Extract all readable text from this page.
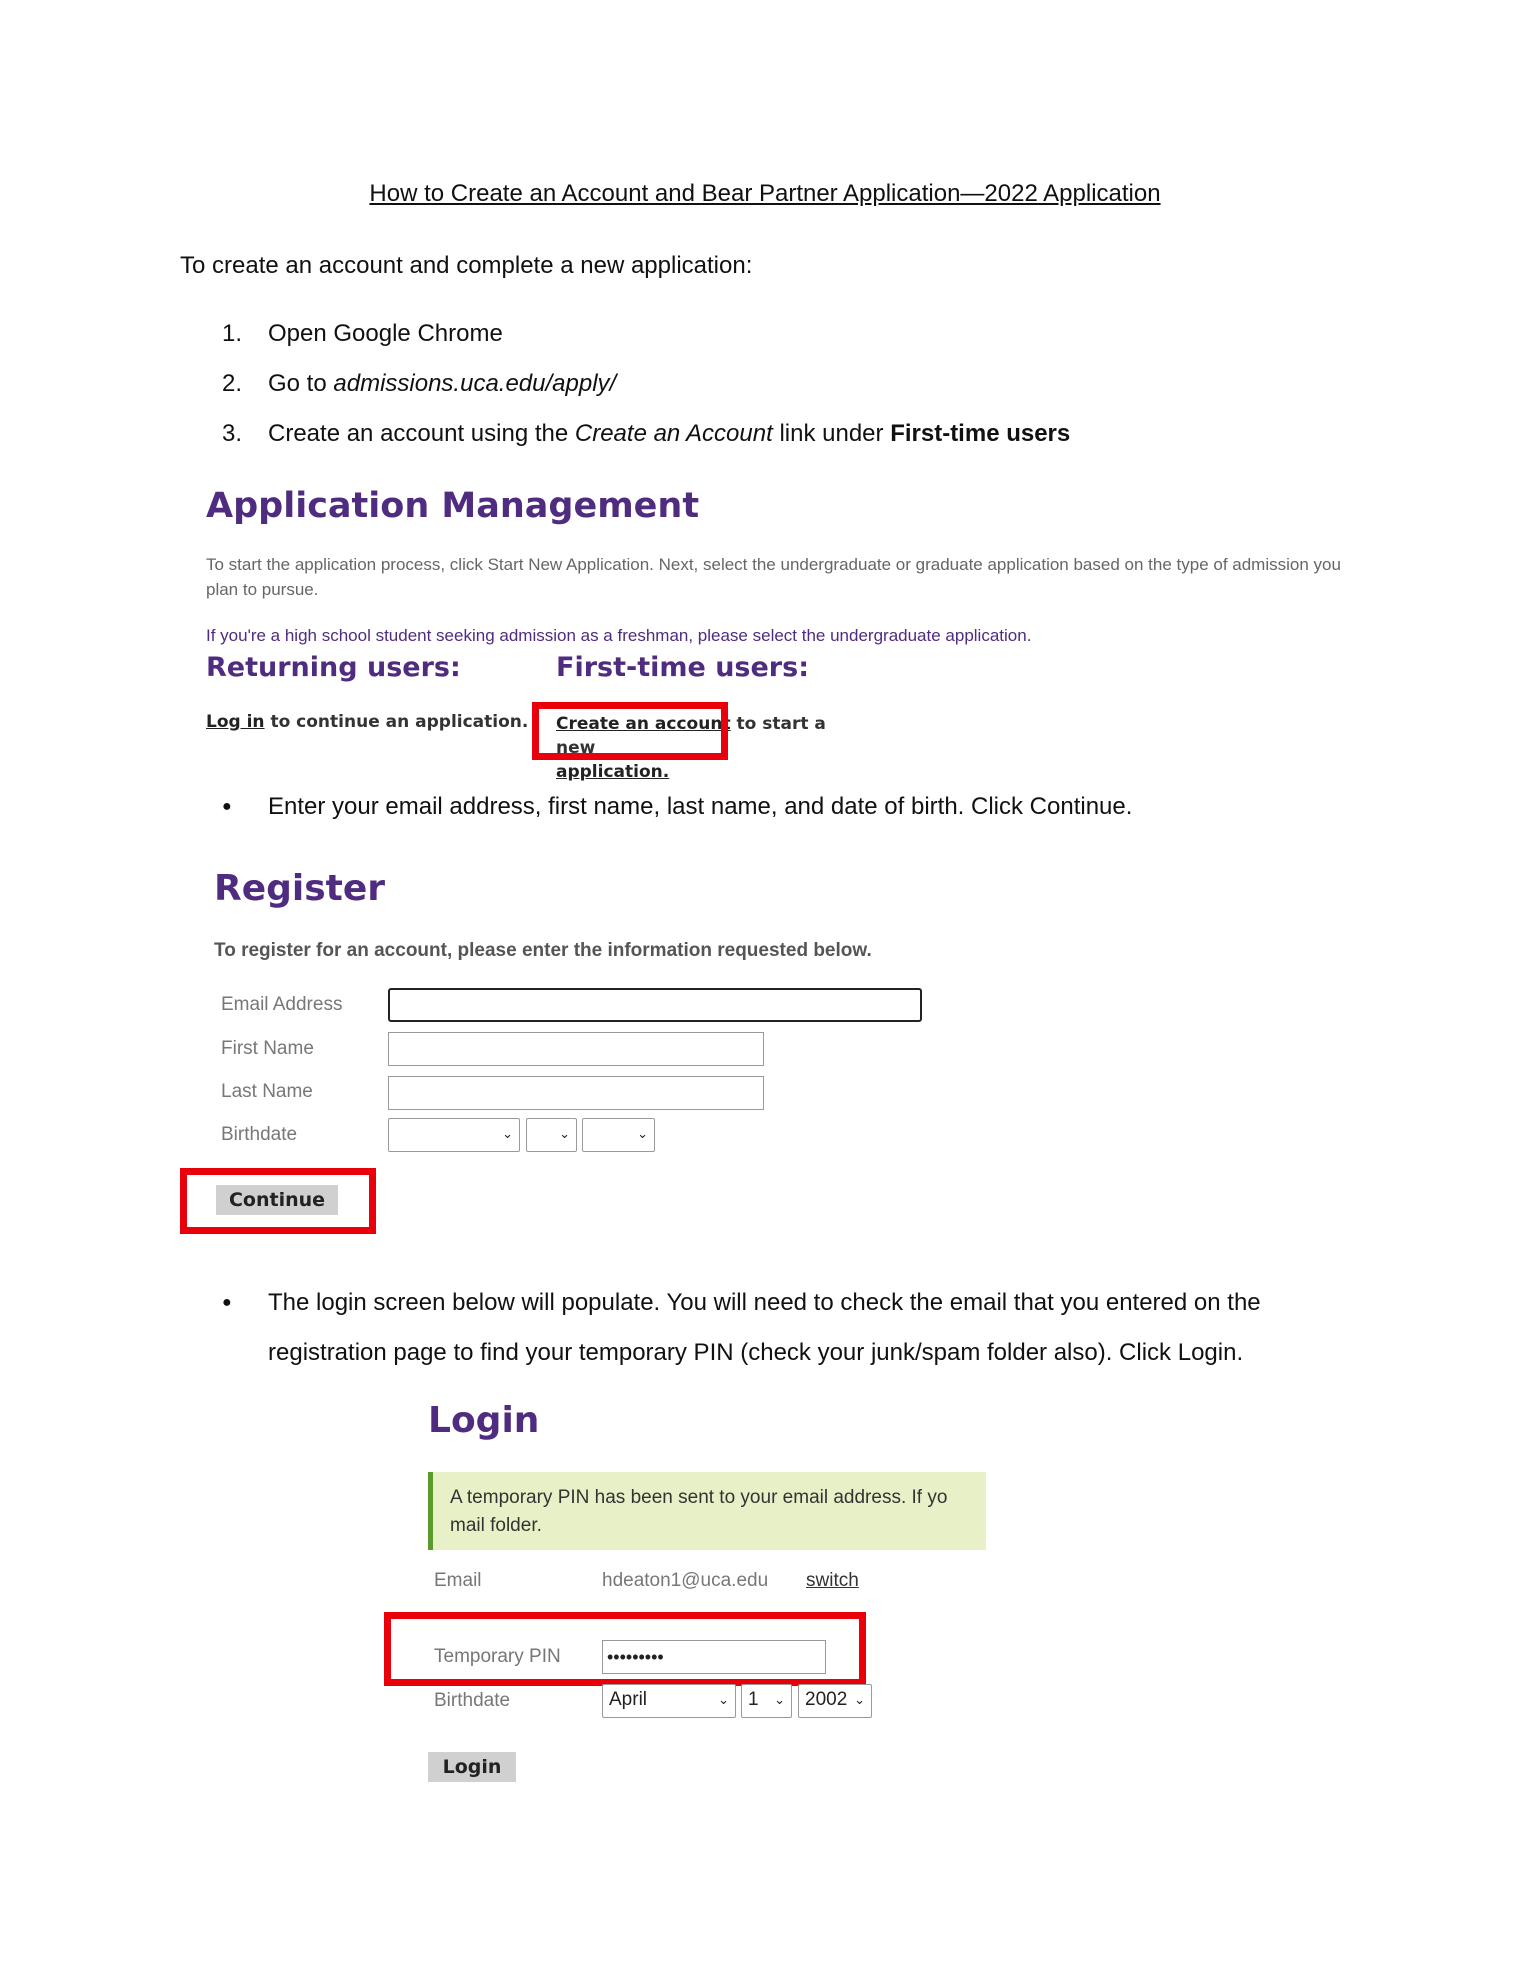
How to Create an Account and Bear Partner Application—2022 Application
To create an account and complete a new application:
1. Open Google Chrome
2. Go to admissions.uca.edu/apply/
3. Create an account using the Create an Account link under First-time users
Application Management
To start the application process, click Start New Application. Next, select the undergraduate or graduate application based on the type of admission you plan to pursue.
If you're a high school student seeking admission as a freshman, please select the undergraduate application.
Returning users:	First-time users:
Log in to continue an application. Create an account to start a new
application.
●	Enter your email address, first name, last name, and date of birth. Click Continue.
Register
To register for an account, please enter the information requested below.
Email Address
First Name
Last Name
Birthdate	⌄	⌄	⌄
Continue
●	The login screen below will populate. You will need to check the email that you entered on the registration page to find your temporary PIN (check your junk/spam folder also). Click Login.
Login
A temporary PIN has been sent to your email address. If yo
mail folder.
Email	hdeaton1@uca.edu switch
Temporary PIN	•••••••••
Birthdate	April	⌄	1 ⌄	2002 ⌄
Login
